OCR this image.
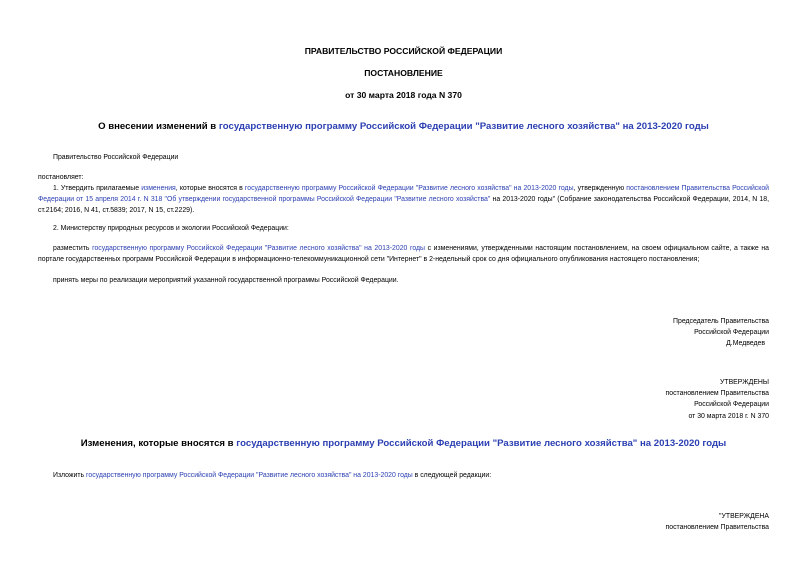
ПРАВИТЕЛЬСТВО РОССИЙСКОЙ ФЕДЕРАЦИИ
ПОСТАНОВЛЕНИЕ
от 30 марта 2018 года N 370
О внесении изменений в государственную программу Российской Федерации "Развитие лесного хозяйства" на 2013-2020 годы
Правительство Российской Федерации
постановляет:
1. Утвердить прилагаемые изменения, которые вносятся в государственную программу Российской Федерации "Развитие лесного хозяйства" на 2013-2020 годы, утвержденную постановлением Правительства Российской Федерации от 15 апреля 2014 г. N 318 "Об утверждении государственной программы Российской Федерации "Развитие лесного хозяйства" на 2013-2020 годы" (Собрание законодательства Российской Федерации, 2014, N 18, ст.2164; 2016, N 41, ст.5839; 2017, N 15, ст.2229).
2. Министерству природных ресурсов и экологии Российской Федерации:
разместить государственную программу Российской Федерации "Развитие лесного хозяйства" на 2013-2020 годы с изменениями, утвержденными настоящим постановлением, на своем официальном сайте, а также на портале государственных программ Российской Федерации в информационно-телекоммуникационной сети "Интернет" в 2-недельный срок со дня официального опубликования настоящего постановления;
принять меры по реализации мероприятий указанной государственной программы Российской Федерации.
Председатель Правительства
Российской Федерации
Д.Медведев
УТВЕРЖДЕНЫ
постановлением Правительства
Российской Федерации
от 30 марта 2018 г. N 370
Изменения, которые вносятся в государственную программу Российской Федерации "Развитие лесного хозяйства" на 2013-2020 годы
Изложить государственную программу Российской Федерации "Развитие лесного хозяйства" на 2013-2020 годы в следующей редакции:
"УТВЕРЖДЕНА
постановлением Правительства
